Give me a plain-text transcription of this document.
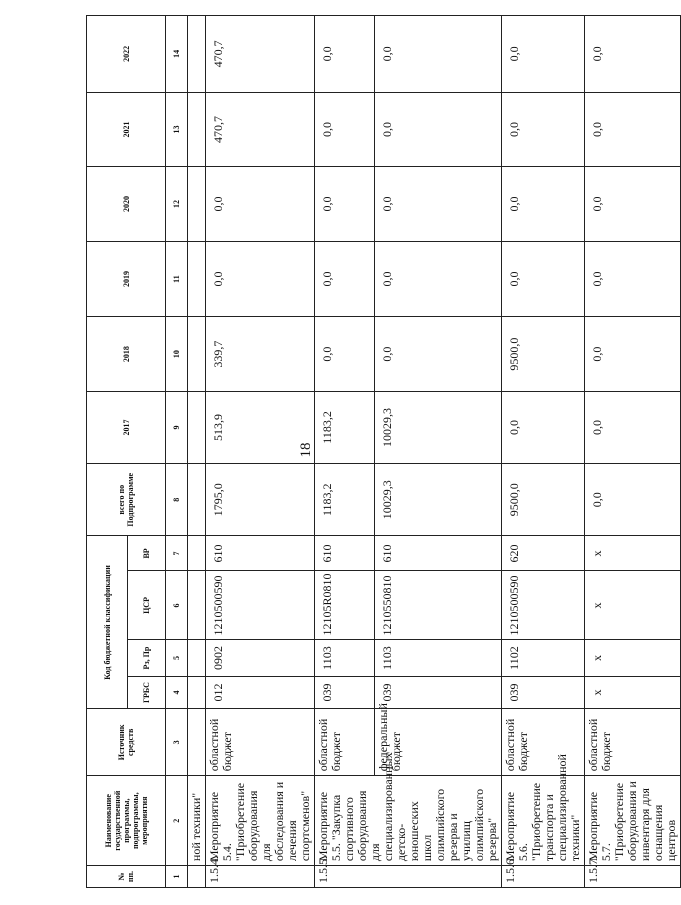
18
№ пп.	Наименование государственной программы, подпрограммы, мероприятия	Источник средств	Код бюджетной классификации				всего по Подпрограмме	2017	2018	2019	2020	2021	2022
			ГРБС	Рз, Пр	ЦСР	ВР							
1	2	3	4	5	6	7	8	9	10	11	12	13	14
	ной техники"												
1.5.4.	Мероприятие 5.4. "Приобретение оборудования для обследования и лечения спортсменов"	областной бюджет	012	0902	1210500590	610	1795,0	513,9	339,7	0,0	0,0	470,7	470,7
1.5.5.	Мероприятие 5.5. "Закупка спортивного оборудования для специализированных детско-юношеских школ олимпийского резерва и училищ олимпийского резерва"	областной бюджет	039	1103	12105R0810	610	1183,2	1183,2	0,0	0,0	0,0	0,0	0,0
		федеральный бюджет	039	1103	1210550810	610	10029,3	10029,3	0,0	0,0	0,0	0,0	0,0
1.5.6.	Мероприятие 5.6. "Приобретение транспорта и специализированной техники"	областной бюджет	039	1102	1210500590	620	9500,0	0,0	9500,0	0,0	0,0	0,0	0,0
1.5.7.	Мероприятие 5.7. "Приобретение оборудования и инвентаря для оснащения центров	областной бюджет	х	х	х	х	0,0	0,0	0,0	0,0	0,0	0,0	0,0
